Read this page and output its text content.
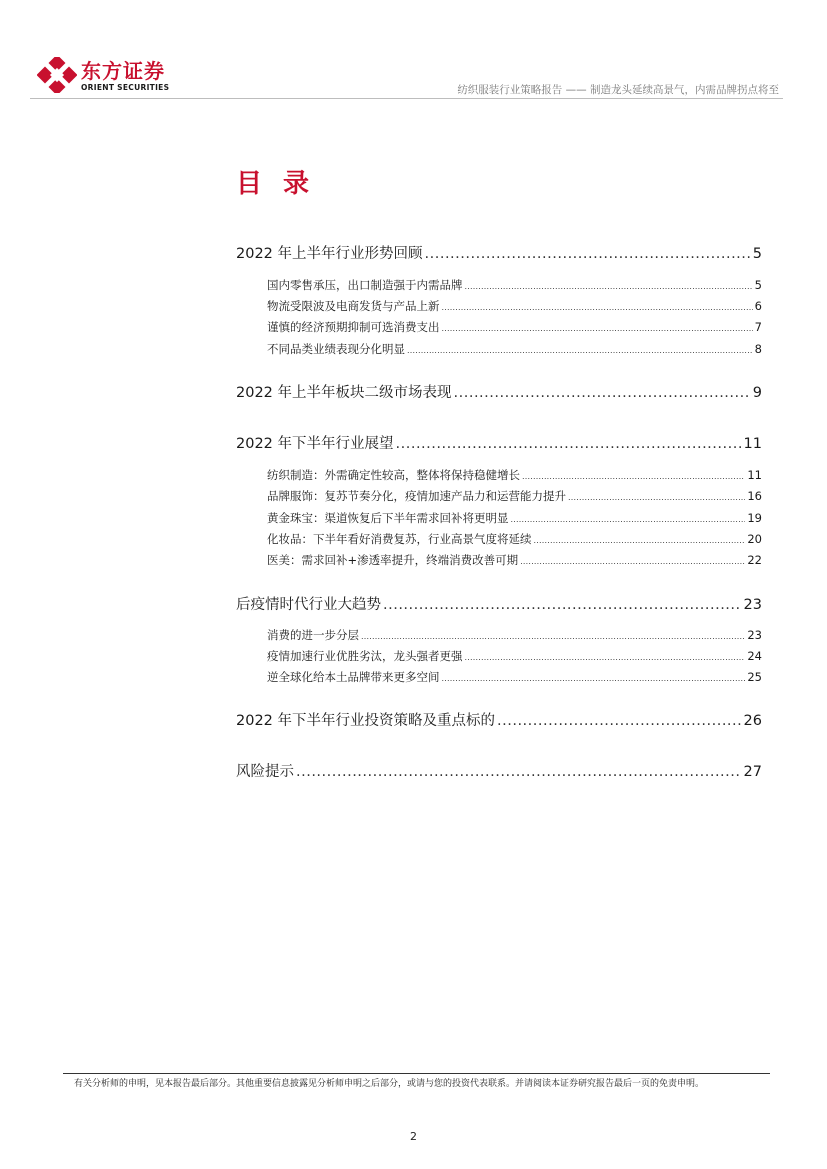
东方证券
ORIENT SECURITIES	纺织服装行业策略报告 —— 制造龙头延续高景气，内需品牌拐点将至
目 录
2022 年上半年行业形势回顾 .....	5
国内零售承压，出口制造强于内需品牌 .....	5
物流受限波及电商发货与产品上新 .....	6
谨慎的经济预期抑制可选消费支出 .....	7
不同品类业绩表现分化明显 .....	8
2022 年上半年板块二级市场表现 .....	9
2022 年下半年行业展望 .....	11
纺织制造：外需确定性较高，整体将保持稳健增长 .....	11
品牌服饰：复苏节奏分化，疫情加速产品力和运营能力提升 .....	16
黄金珠宝：渠道恢复后下半年需求回补将更明显 .....	19
化妆品：下半年看好消费复苏，行业高景气度将延续 .....	20
医美：需求回补+渗透率提升，终端消费改善可期 .....	22
后疫情时代行业大趋势 .....	23
消费的进一步分层 .....	23
疫情加速行业优胜劣汰，龙头强者更强 .....	24
逆全球化给本土品牌带来更多空间 .....	25
2022 年下半年行业投资策略及重点标的 .....	26
风险提示 .....	27
有关分析师的申明，见本报告最后部分。其他重要信息披露见分析师申明之后部分，或请与您的投资代表联系。并请阅读本证券研究报告最后一页的免责申明。
2
